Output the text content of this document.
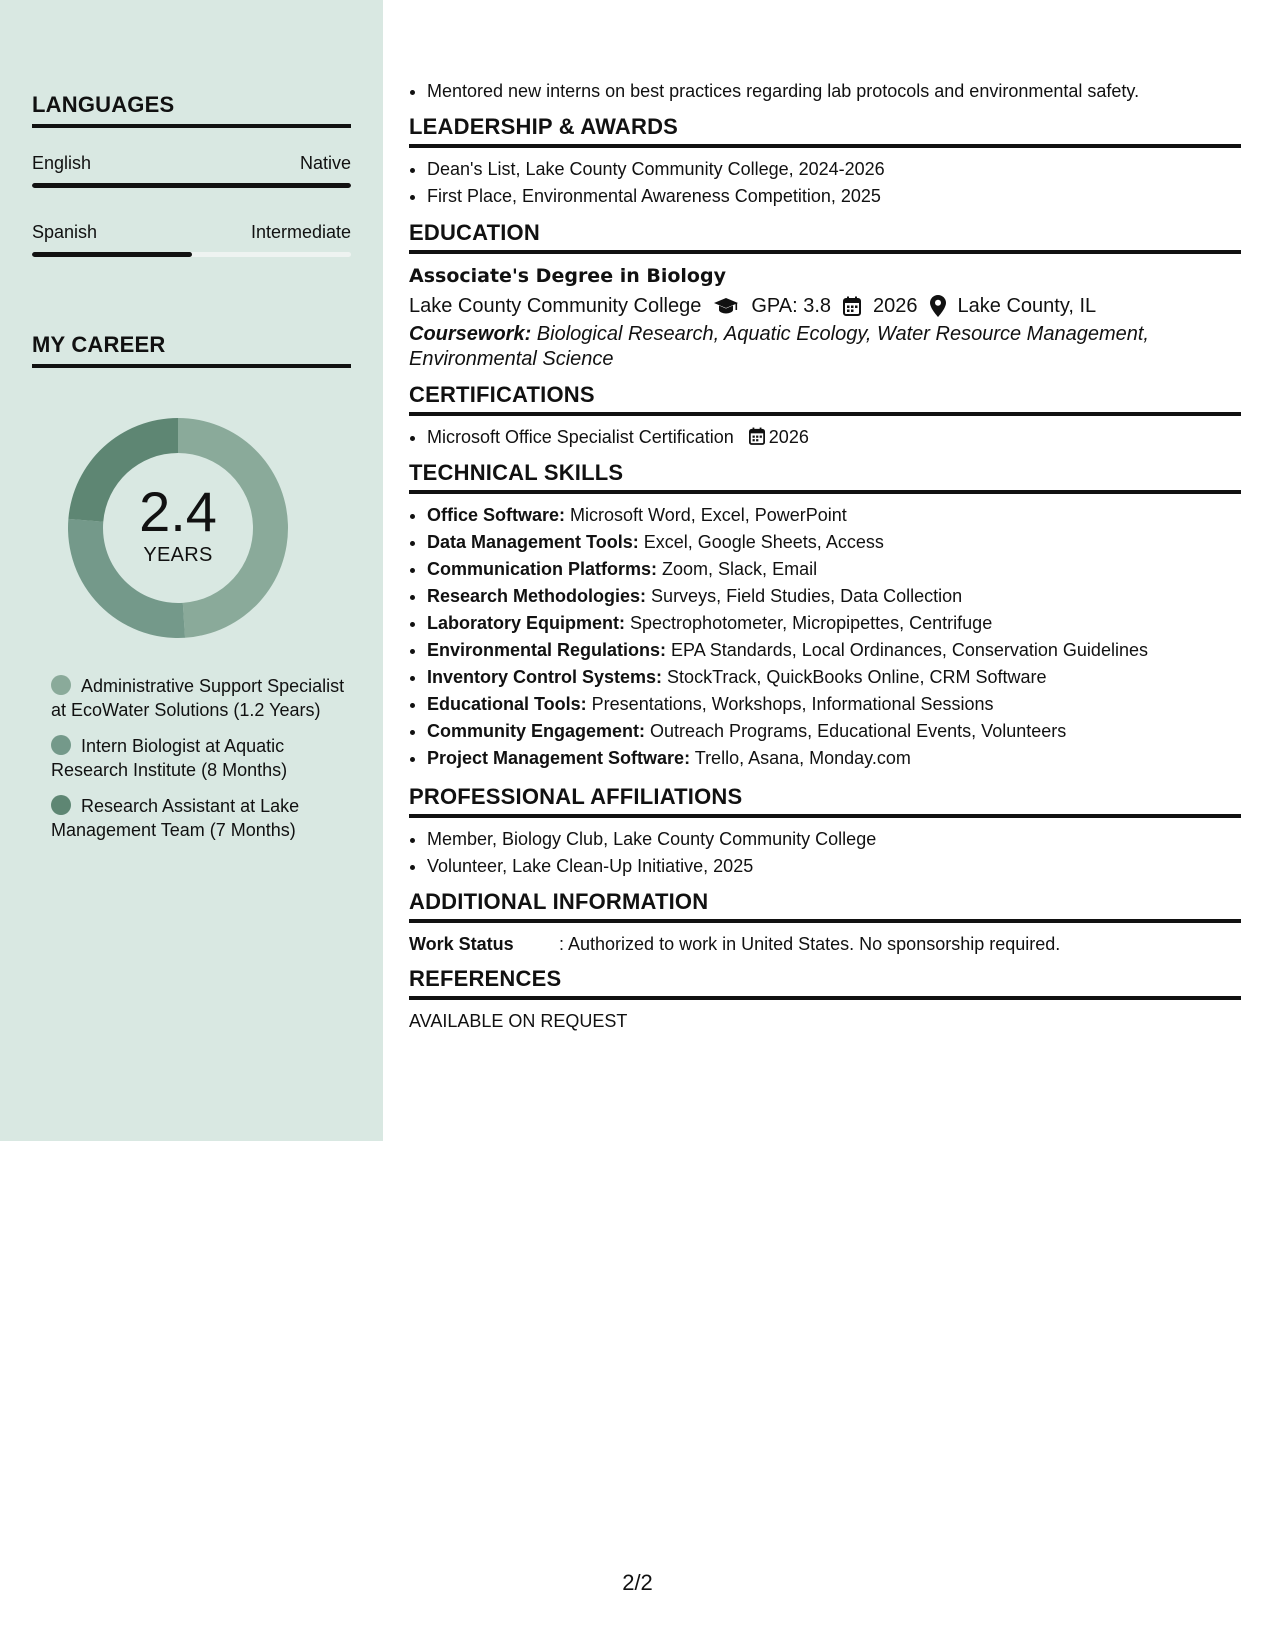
LANGUAGES
English	Native
Spanish	Intermediate
MY CAREER
2.4
YEARS
Administrative Support Specialist at EcoWater Solutions (1.2 Years)
Intern Biologist at Aquatic Research Institute (8 Months)
Research Assistant at Lake Management Team (7 Months)
• Mentored new interns on best practices regarding lab protocols and environmental safety.
LEADERSHIP & AWARDS
• Dean's List, Lake County Community College, 2024-2026
• First Place, Environmental Awareness Competition, 2025
EDUCATION
Associate's Degree in Biology
Lake County Community College	GPA: 3.8 2026 Lake County, IL
Coursework: Biological Research, Aquatic Ecology, Water Resource Management, Environmental Science
CERTIFICATIONS
• Microsoft Office Specialist Certification 2026
TECHNICAL SKILLS
• Office Software: Microsoft Word, Excel, PowerPoint
• Data Management Tools: Excel, Google Sheets, Access
• Communication Platforms: Zoom, Slack, Email
• Research Methodologies: Surveys, Field Studies, Data Collection
• Laboratory Equipment: Spectrophotometer, Micropipettes, Centrifuge
• Environmental Regulations: EPA Standards, Local Ordinances, Conservation Guidelines
• Inventory Control Systems: StockTrack, QuickBooks Online, CRM Software
• Educational Tools: Presentations, Workshops, Informational Sessions
• Community Engagement: Outreach Programs, Educational Events, Volunteers
• Project Management Software: Trello, Asana, Monday.com
PROFESSIONAL AFFILIATIONS
• Member, Biology Club, Lake County Community College
• Volunteer, Lake Clean-Up Initiative, 2025
ADDITIONAL INFORMATION
Work Status	: Authorized to work in United States. No sponsorship required.
REFERENCES
AVAILABLE ON REQUEST
2/2
